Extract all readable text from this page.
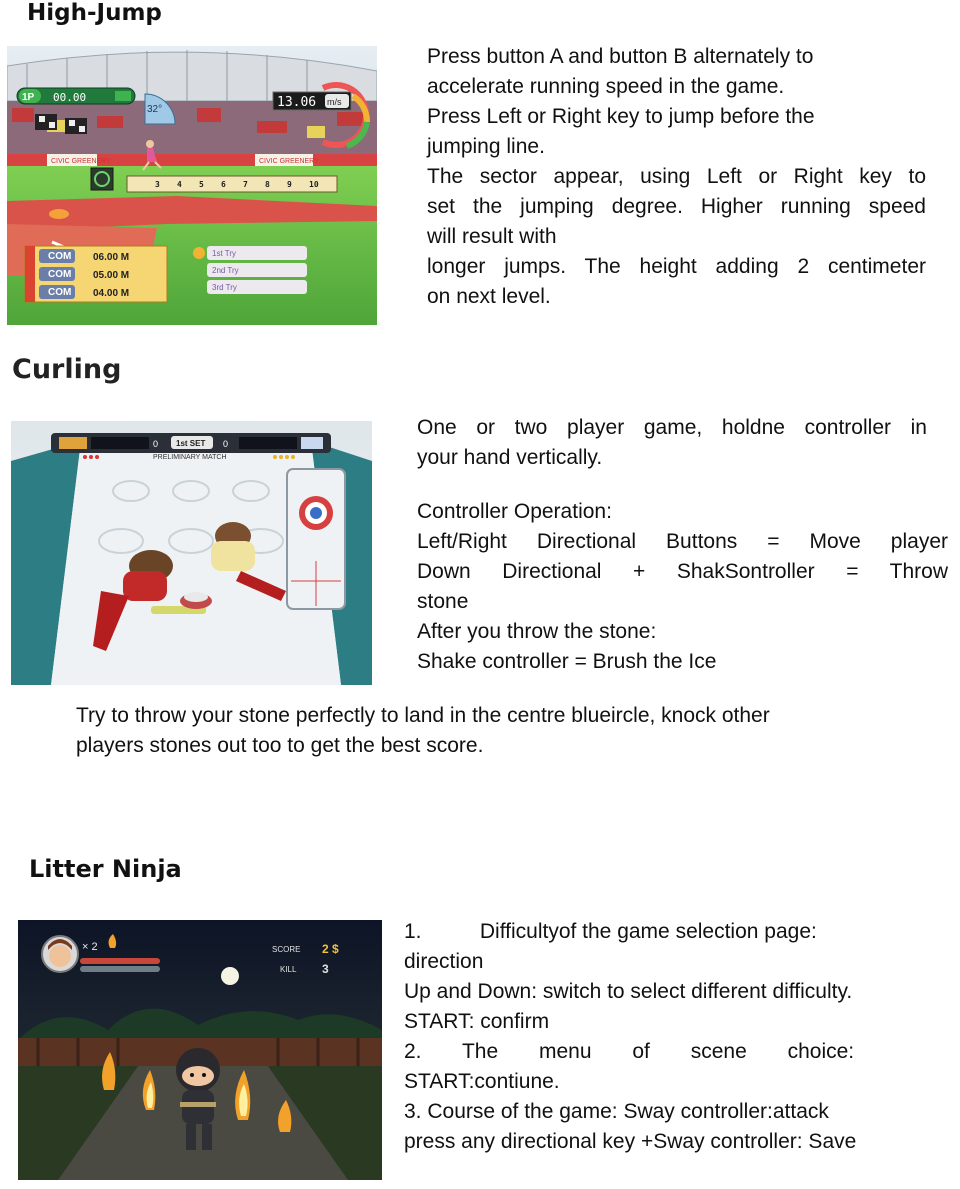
High-Jump
CIVIC GREENERY	CIVIC GREENERY
3 4 5 6 7 8 9 10
1P 00.00
32°	13.06 m/s
COM 06.00 M
COM 05.00 M
COM 04.00 M
1st Try
2nd Try
3rd Try
Press button A and button B alternately to
accelerate running speed in the game.
Press Left or Right key to jump before the
jumping line.
The sector appear, using Left or Right key to
set the jumping degree. Higher running speed
will result with
longer jumps. The height adding 2 centimeter
on next level.
Curling
0 1st SET 0
PRELIMINARY MATCH
One or two player game, holdne controller in
your hand vertically.
Controller Operation:
Left/Right Directional Buttons = Move player
Down Directional + ShakSontroller = Throw
stone
After you throw the stone:
Shake controller = Brush the Ice
Try to throw your stone perfectly to land in the centre blueircle, knock other
players stones out too to get the best score.
Litter Ninja
× 2	SCORE 2 $
KILL 3
1.          Difficultyof the game selection page:
direction
Up and Down: switch to select different difficulty.
START: confirm
2.       The       menu       of       scene       choice:
START:contiune.
3. Course of the game: Sway controller:attack
press any directional key +Sway controller: Save
